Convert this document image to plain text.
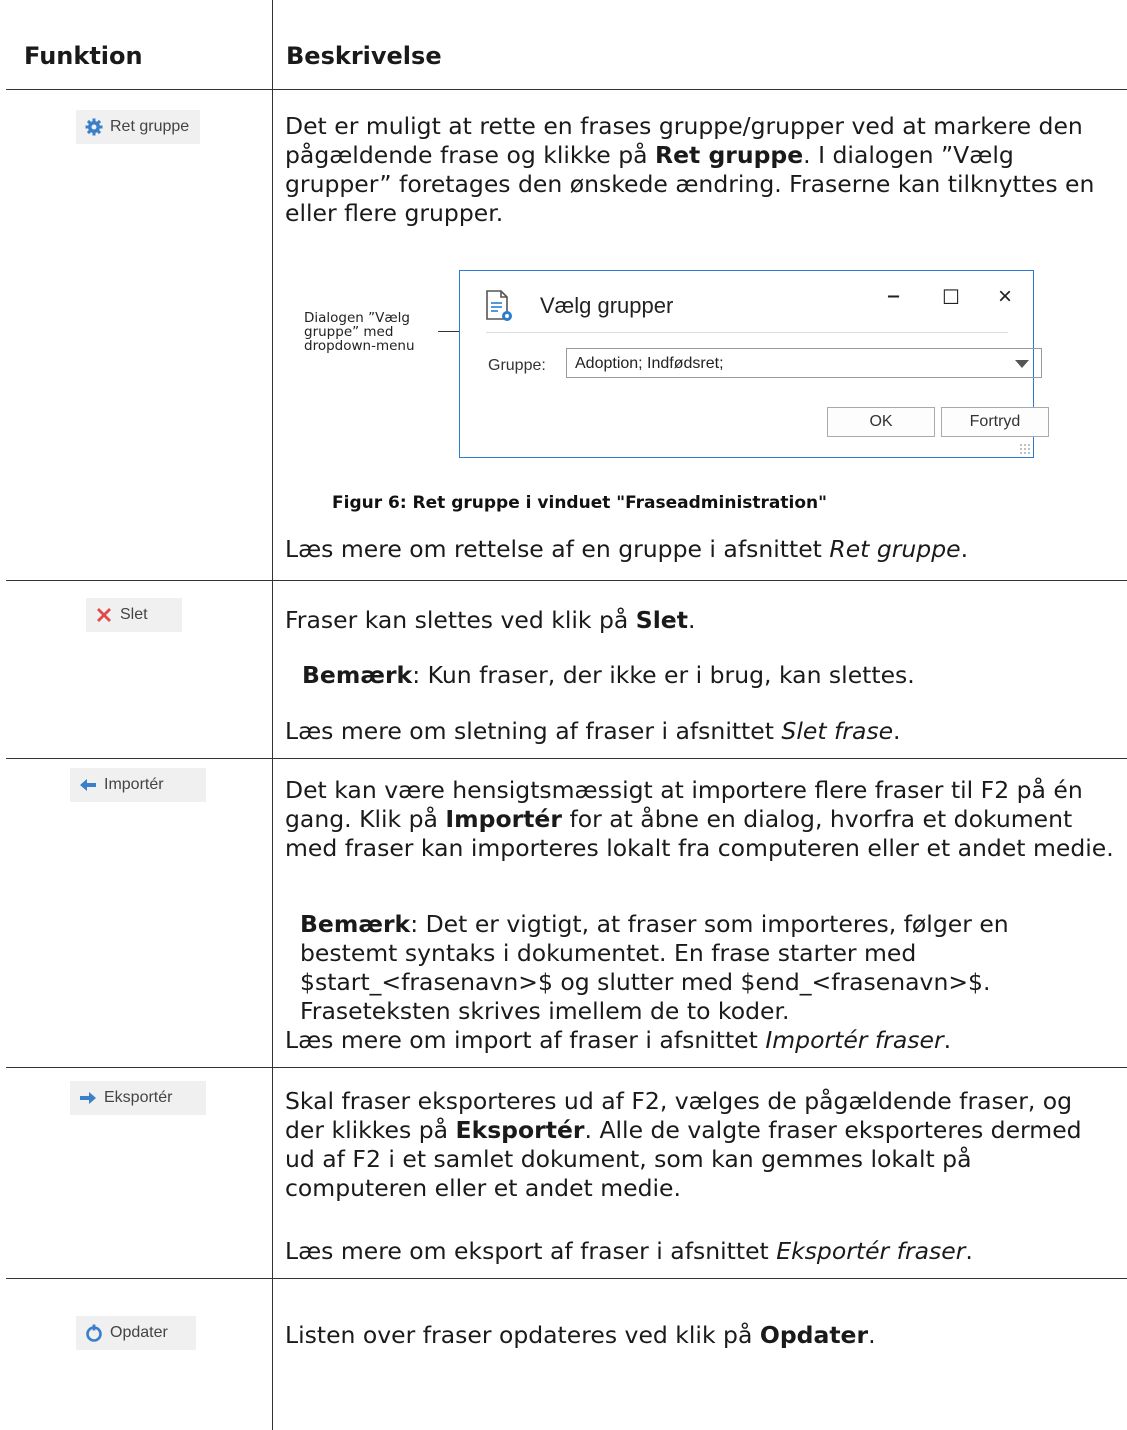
Funktion	Beskrivelse
Ret gruppe	Det er muligt at rette en frases gruppe/grupper ved at markere den pågældende frase og klikke på Ret gruppe. I dialogen ”Vælg grupper” foretages den ønskede ændring. Fraserne kan tilknyttes en eller flere grupper.

Dialogen ”Vælg gruppe” med dropdown-menu
Vælg grupper	‒ ☐ ×
Gruppe:	Adoption; Indfødsret;
OK	Fortryd
Figur 6: Ret gruppe i vinduet "Fraseadministration"

Læs mere om rettelse af en gruppe i afsnittet Ret gruppe.

Slet	Fraser kan slettes ved klik på Slet.

Bemærk: Kun fraser, der ikke er i brug, kan slettes.

Læs mere om sletning af fraser i afsnittet Slet frase.

Importér	Det kan være hensigtsmæssigt at importere flere fraser til F2 på én gang. Klik på Importér for at åbne en dialog, hvorfra et dokument med fraser kan importeres lokalt fra computeren eller et andet medie.

Bemærk: Det er vigtigt, at fraser som importeres, følger en bestemt syntaks i dokumentet. En frase starter med $start_<frasenavn>$ og slutter med $end_<frasenavn>$. Fraseteksten skrives imellem de to koder.

Læs mere om import af fraser i afsnittet Importér fraser.

Eksportér	Skal fraser eksporteres ud af F2, vælges de pågældende fraser, og der klikkes på Eksportér. Alle de valgte fraser eksporteres dermed ud af F2 i et samlet dokument, som kan gemmes lokalt på computeren eller et andet medie.

Læs mere om eksport af fraser i afsnittet Eksportér fraser.

Opdater	Listen over fraser opdateres ved klik på Opdater.
